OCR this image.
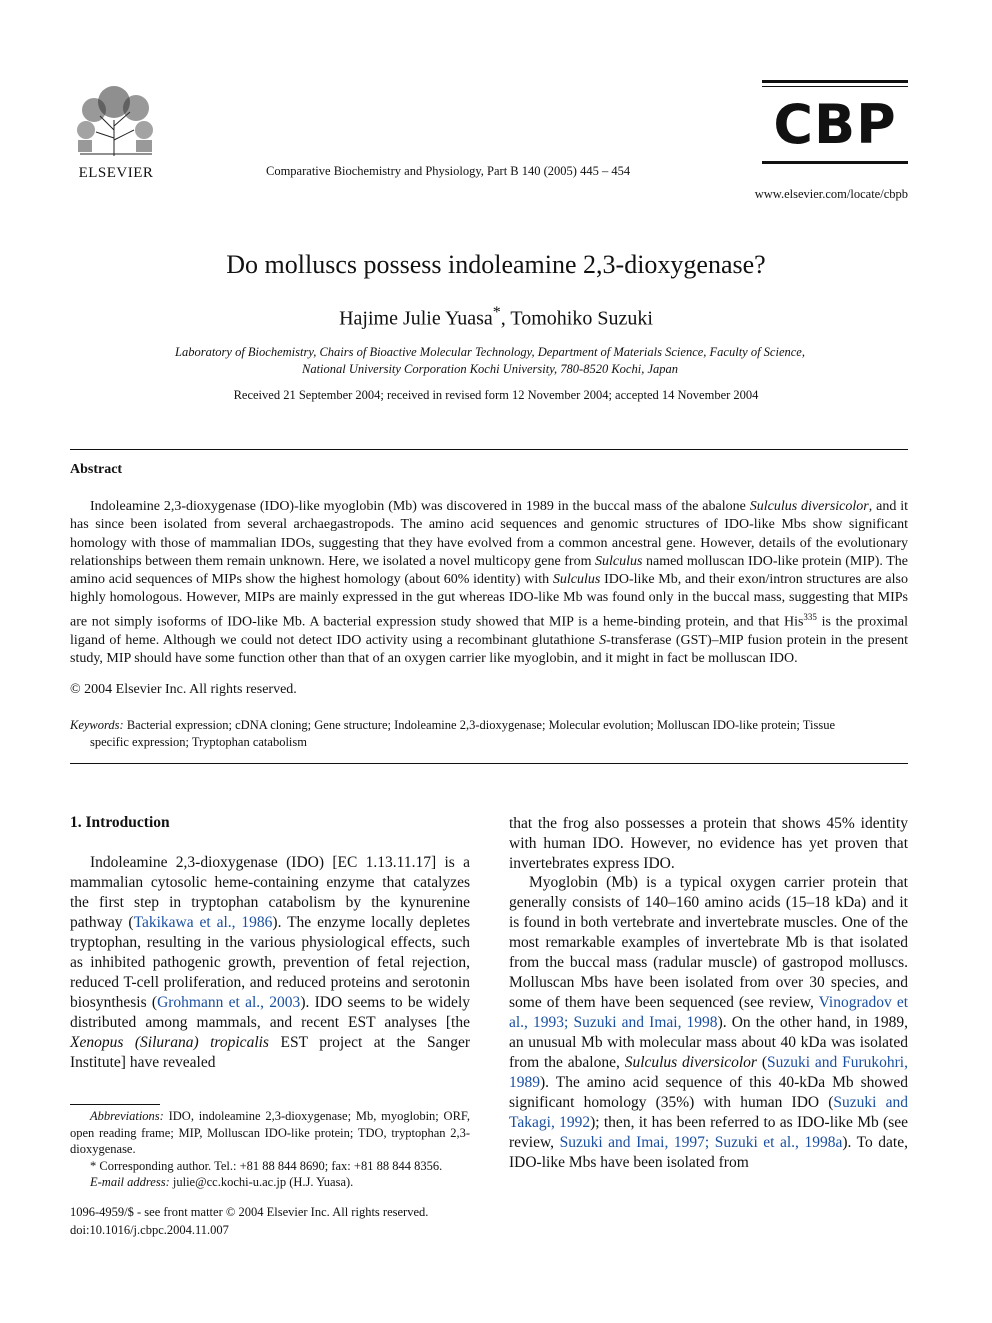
ELSEVIER	Comparative Biochemistry and Physiology, Part B 140 (2005) 445 – 454
CBP
www.elsevier.com/locate/cbpb
Do molluscs possess indoleamine 2,3-dioxygenase?
Hajime Julie Yuasa*, Tomohiko Suzuki
Laboratory of Biochemistry, Chairs of Bioactive Molecular Technology, Department of Materials Science, Faculty of Science,
National University Corporation Kochi University, 780-8520 Kochi, Japan
Received 21 September 2004; received in revised form 12 November 2004; accepted 14 November 2004
Abstract

Indoleamine 2,3-dioxygenase (IDO)-like myoglobin (Mb) was discovered in 1989 in the buccal mass of the abalone Sulculus diversicolor, and it has since been isolated from several archaegastropods. The amino acid sequences and genomic structures of IDO-like Mbs show significant homology with those of mammalian IDOs, suggesting that they have evolved from a common ancestral gene. However, details of the evolutionary relationships between them remain unknown. Here, we isolated a novel multicopy gene from Sulculus named molluscan IDO-like protein (MIP). The amino acid sequences of MIPs show the highest homology (about 60% identity) with Sulculus IDO-like Mb, and their exon/intron structures are also highly homologous. However, MIPs are mainly expressed in the gut whereas IDO-like Mb was found only in the buccal mass, suggesting that MIPs are not simply isoforms of IDO-like Mb. A bacterial expression study showed that MIP is a heme-binding protein, and that His$^{335}$ is the proximal ligand of heme. Although we could not detect IDO activity using a recombinant glutathione S-transferase (GST)–MIP fusion protein in the present study, MIP should have some function other than that of an oxygen carrier like myoglobin, and it might in fact be molluscan IDO.

© 2004 Elsevier Inc. All rights reserved.
Keywords: Bacterial expression; cDNA cloning; Gene structure; Indoleamine 2,3-dioxygenase; Molecular evolution; Molluscan IDO-like protein; Tissue
specific expression; Tryptophan catabolism
1. Introduction

Indoleamine 2,3-dioxygenase (IDO) [EC 1.13.11.17] is a mammalian cytosolic heme-containing enzyme that catalyzes the first step in tryptophan catabolism by the kynurenine pathway (Takikawa et al., 1986). The enzyme locally depletes tryptophan, resulting in the various physiological effects, such as inhibited pathogenic growth, prevention of fetal rejection, reduced T-cell proliferation, and reduced proteins and serotonin biosynthesis (Grohmann et al., 2003). IDO seems to be widely distributed among mammals, and recent EST analyses [the Xenopus (Silurana) tropicalis EST project at the Sanger Institute] have revealed

that the frog also possesses a protein that shows 45% identity with human IDO. However, no evidence has yet proven that invertebrates express IDO.

Myoglobin (Mb) is a typical oxygen carrier protein that generally consists of 140–160 amino acids (15–18 kDa) and it is found in both vertebrate and invertebrate muscles. One of the most remarkable examples of invertebrate Mb is that isolated from the buccal mass (radular muscle) of gastropod molluscs. Molluscan Mbs have been isolated from over 30 species, and some of them have been sequenced (see review, Vinogradov et al., 1993; Suzuki and Imai, 1998). On the other hand, in 1989, an unusual Mb with molecular mass about 40 kDa was isolated from the abalone, Sulculus diversicolor (Suzuki and Furukohri, 1989). The amino acid sequence of this 40-kDa Mb showed significant homology (35%) with human IDO (Suzuki and Takagi, 1992); then, it has been referred to as IDO-like Mb (see review, Suzuki and Imai, 1997; Suzuki et al., 1998a). To date, IDO-like Mbs have been isolated from

Abbreviations: IDO, indoleamine 2,3-dioxygenase; Mb, myoglobin; ORF, open reading frame; MIP, Molluscan IDO-like protein; TDO, tryptophan 2,3-dioxygenase.

* Corresponding author. Tel.: +81 88 844 8690; fax: +81 88 844 8356.

E-mail address: julie@cc.kochi-u.ac.jp (H.J. Yuasa).

1096-4959/$ - see front matter © 2004 Elsevier Inc. All rights reserved.
doi:10.1016/j.cbpc.2004.11.007
